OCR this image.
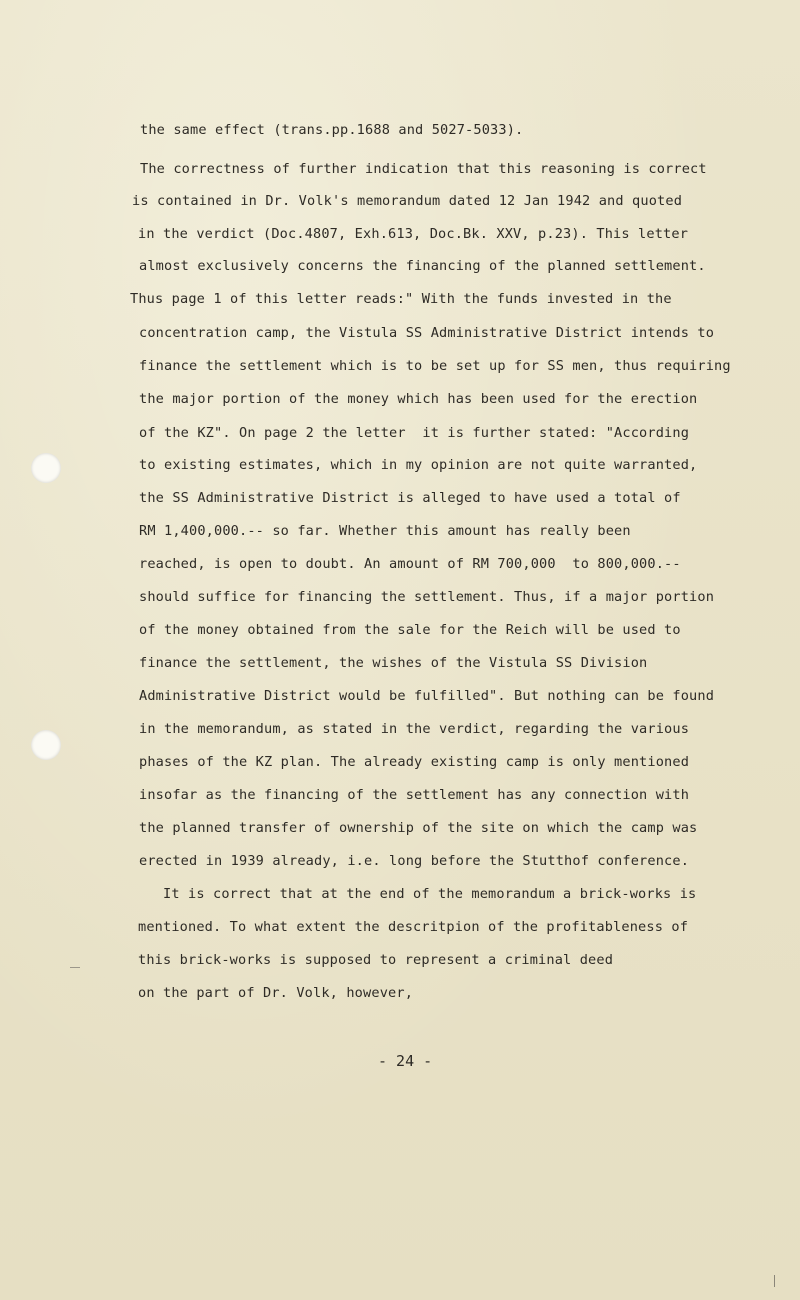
the same effect (trans.pp.1688 and 5027-5033).
The correctness of further indication that this reasoning is correct
is contained in Dr. Volk's memorandum dated 12 Jan 1942 and quoted
in the verdict (Doc.4807, Exh.613, Doc.Bk. XXV, p.23). This letter
almost exclusively concerns the financing of the planned settlement.
Thus page 1 of this letter reads:" With the funds invested in the
concentration camp, the Vistula SS Administrative District intends to
finance the settlement which is to be set up for SS men, thus requiring
the major portion of the money which has been used for the erection
of the KZ". On page 2 the letter  it is further stated: "According
to existing estimates, which in my opinion are not quite warranted,
the SS Administrative District is alleged to have used a total of
RM 1,400,000.-- so far. Whether this amount has really been
reached, is open to doubt. An amount of RM 700,000  to 800,000.--
should suffice for financing the settlement. Thus, if a major portion
of the money obtained from the sale for the Reich will be used to
finance the settlement, the wishes of the Vistula SS Division
Administrative District would be fulfilled". But nothing can be found
in the memorandum, as stated in the verdict, regarding the various
phases of the KZ plan. The already existing camp is only mentioned
insofar as the financing of the settlement has any connection with
the planned transfer of ownership of the site on which the camp was
erected in 1939 already, i.e. long before the Stutthof conference.
It is correct that at the end of the memorandum a brick-works is
mentioned. To what extent the descritpion of the profitableness of
this brick-works is supposed to represent a criminal deed
on the part of Dr. Volk, however,
- 24 -
